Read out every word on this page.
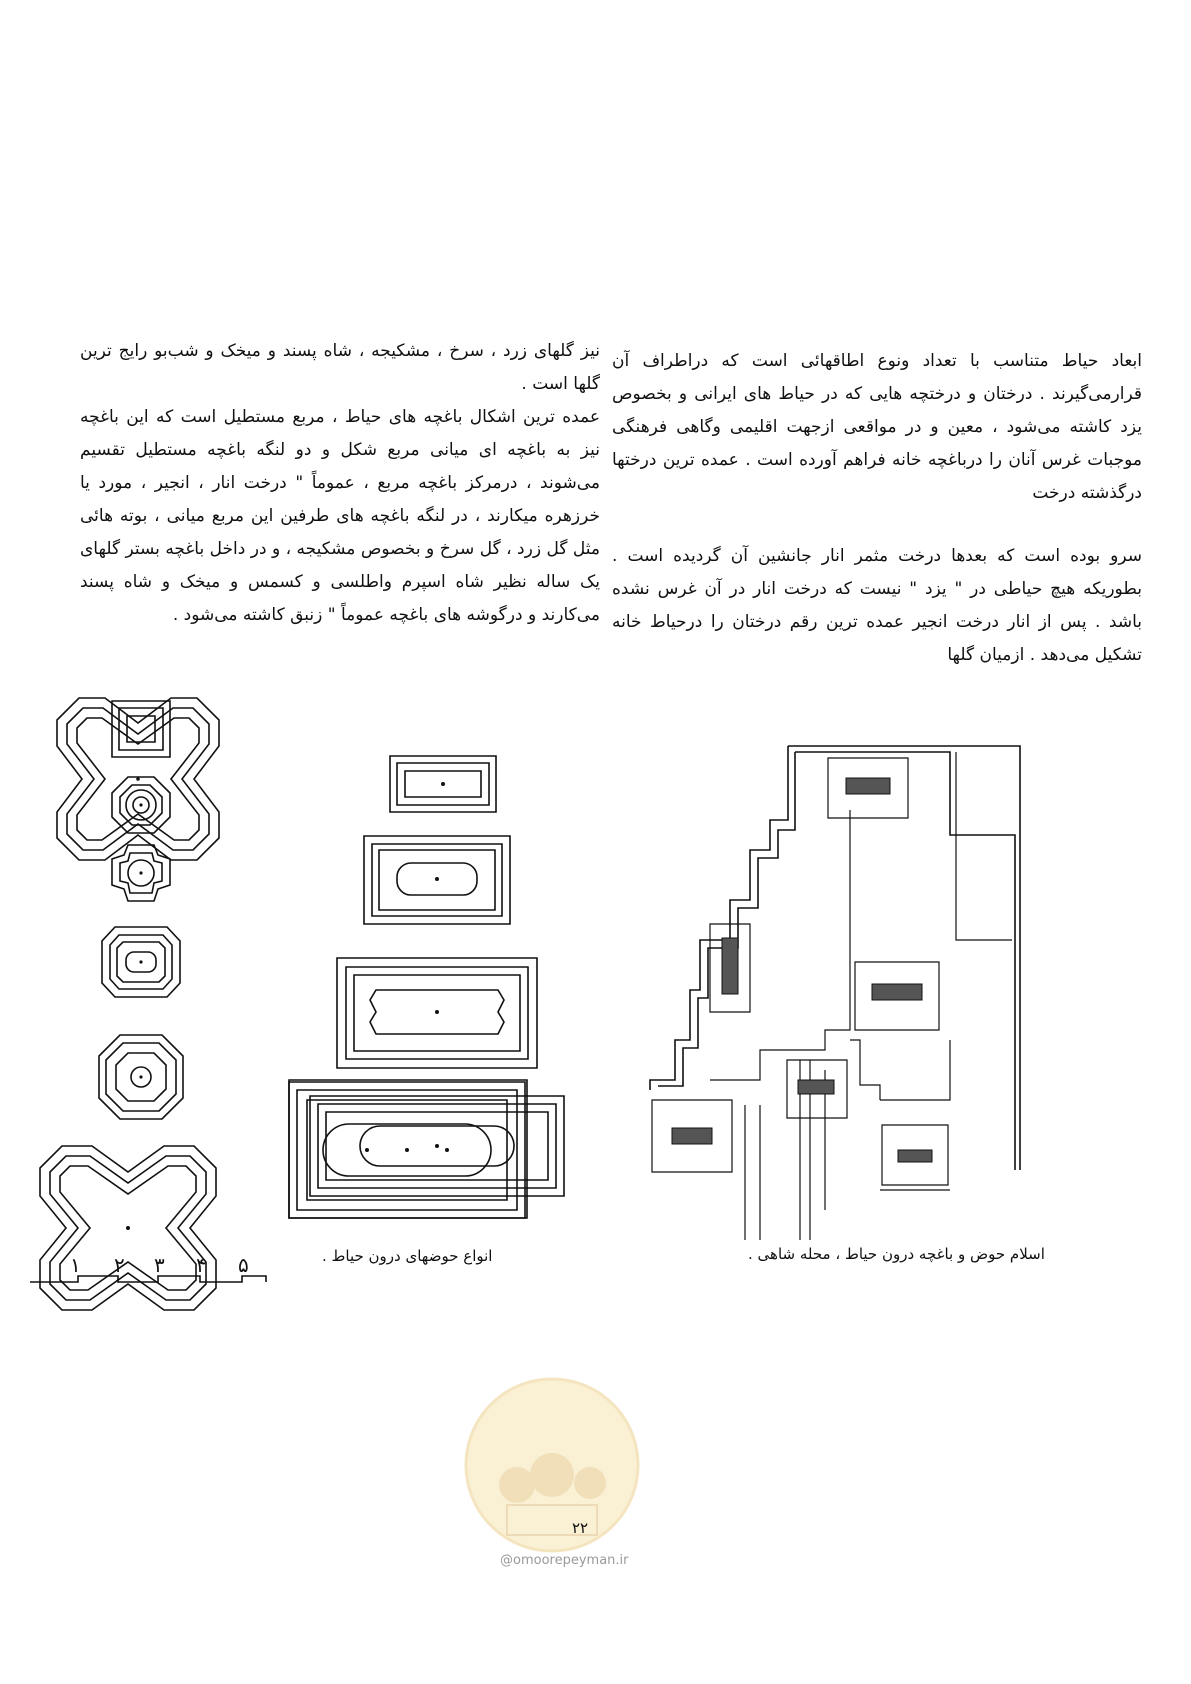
ابعاد حیاط متناسب با تعداد ونوع اطاقهائی است که دراطراف آن قرارمی‌گیرند . درختان و درختچه هایی که در حیاط های ایرانی و بخصوص یزد کاشته می‌شود ، معین و در مواقعی ازجهت اقلیمی وگاهی فرهنگی موجبات غرس آنان را درباغچه خانه فراهم آورده است . عمده ترین درختها درگذشته درخت

سرو بوده است که بعدها درخت مثمر انار جانشین آن گردیده است . بطوریکه هیچ حیاطی در " یزد " نیست که درخت انار در آن غرس نشده باشد . پس از انار درخت انجیر عمده ترین رقم درختان را درحیاط خانه تشکیل می‌دهد . ازمیان گلها

نیز گلهای زرد ، سرخ ، مشکیجه ، شاه پسند و میخک و شب‌بو رایج ترین گلها است .

عمده ترین اشکال باغچه های حیاط ، مربع مستطیل است که این باغچه نیز به باغچه ای میانی مربع شکل و دو لنگه باغچه مستطیل تقسیم می‌شوند ، درمرکز باغچه مربع ، عموماً " درخت انار ، انجیر ، مورد یا خرزهره میکارند ، در لنگه باغچه های طرفین این مربع میانی ، بوته هائی مثل گل زرد ، گل سرخ و بخصوص مشکیجه ، و در داخل باغچه بستر گلهای یک ساله نظیر شاه اسپرم واطلسی و کسمس و میخک و شاه پسند می‌کارند و درگوشه های باغچه عموماً " زنبق کاشته می‌شود .

۱ ۲ ۳ ۴ ۵	اسلام حوض و باغچه درون حیاط ، محله شاهی .
انواع حوضهای درون حیاط .
۲۲
@omoorepeyman.ir
